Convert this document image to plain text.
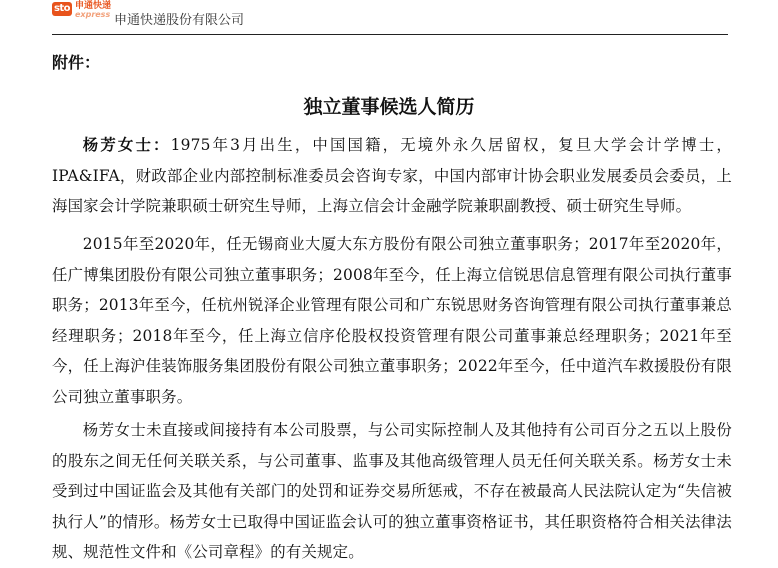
sto 申通快递
express 申通快递股份有限公司
附件：
独立董事候选人简历

杨芳女士：1975年3月出生，中国国籍，无境外永久居留权，复旦大学会计学博士， IPA&IFA，财政部企业内部控制标准委员会咨询专家，中国内部审计协会职业发展委员会委员，上海国家会计学院兼职硕士研究生导师，上海立信会计金融学院兼职副教授、硕士研究生导师。

2015年至2020年，任无锡商业大厦大东方股份有限公司独立董事职务；2017年至2020年，任广博集团股份有限公司独立董事职务；2008年至今，任上海立信锐思信息管理有限公司执行董事职务；2013年至今，任杭州锐泽企业管理有限公司和广东锐思财务咨询管理有限公司执行董事兼总经理职务；2018年至今，任上海立信序伦股权投资管理有限公司董事兼总经理职务；2021年至今，任上海沪佳装饰服务集团股份有限公司独立董事职务；2022年至今，任中道汽车救援股份有限公司独立董事职务。

杨芳女士未直接或间接持有本公司股票，与公司实际控制人及其他持有公司百分之五以上股份的股东之间无任何关联关系，与公司董事、监事及其他高级管理人员无任何关联关系。杨芳女士未受到过中国证监会及其他有关部门的处罚和证券交易所惩戒，不存在被最高人民法院认定为“失信被执行人”的情形。杨芳女士已取得中国证监会认可的独立董事资格证书，其任职资格符合相关法律法规、规范性文件和《公司章程》的有关规定。
